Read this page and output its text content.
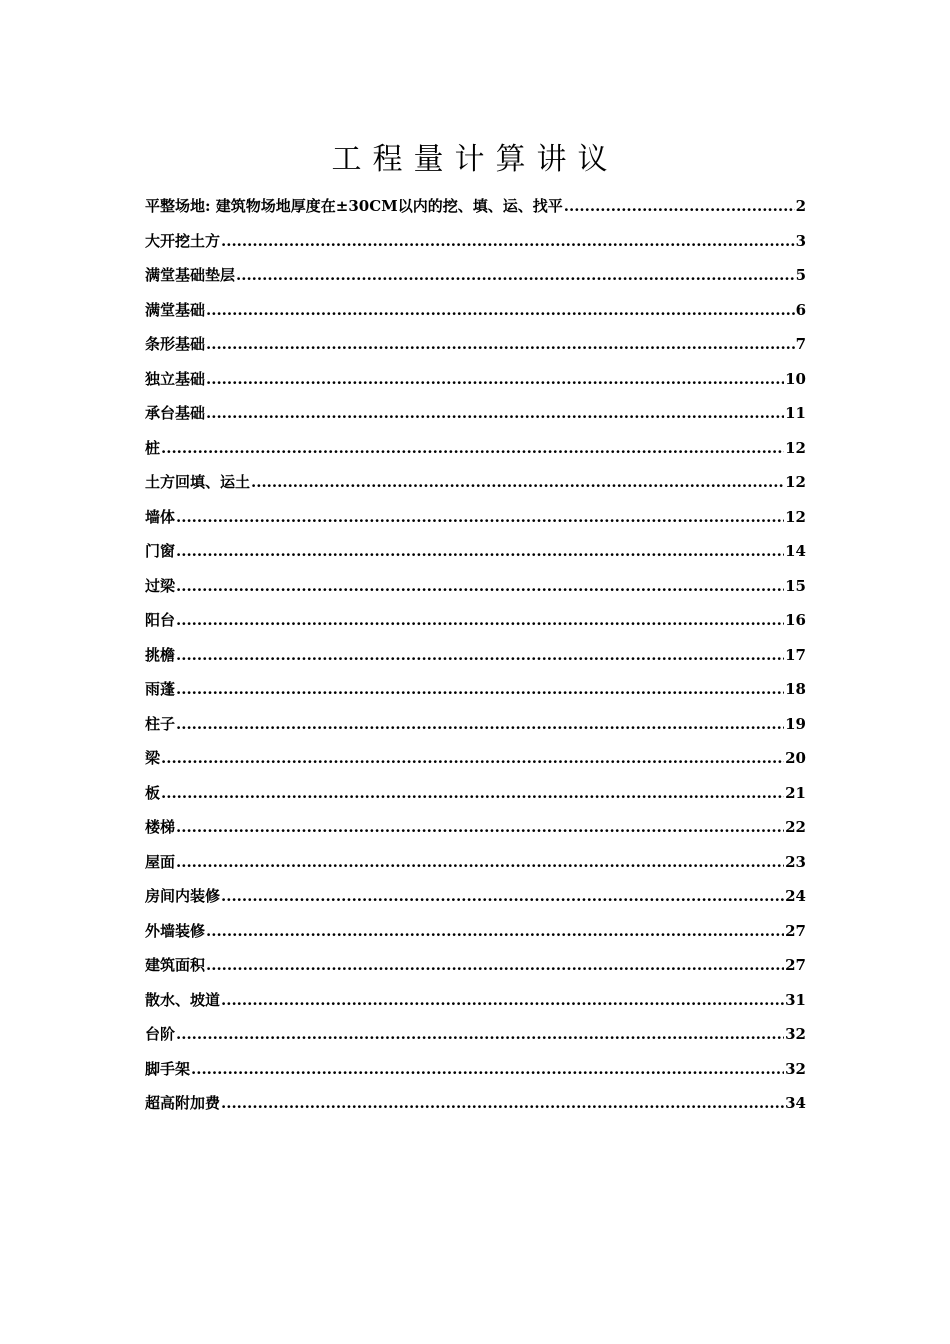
工程量计算讲议
平整场地: 建筑物场地厚度在±30CM以内的挖、填、运、找平 .....	2
大开挖土方 .....	3
满堂基础垫层 .....	5
满堂基础 .....	6
条形基础 .....	7
独立基础 .....	10
承台基础 .....	11
桩 .....	12
土方回填、运土 .....	12
墙体 .....	12
门窗 .....	14
过梁 .....	15
阳台 .....	16
挑檐 .....	17
雨蓬 .....	18
柱子 .....	19
梁 .....	20
板 .....	21
楼梯 .....	22
屋面 .....	23
房间内装修 .....	24
外墙装修 .....	27
建筑面积 .....	27
散水、坡道 .....	31
台阶 .....	32
脚手架 .....	32
超高附加费 .....	34
